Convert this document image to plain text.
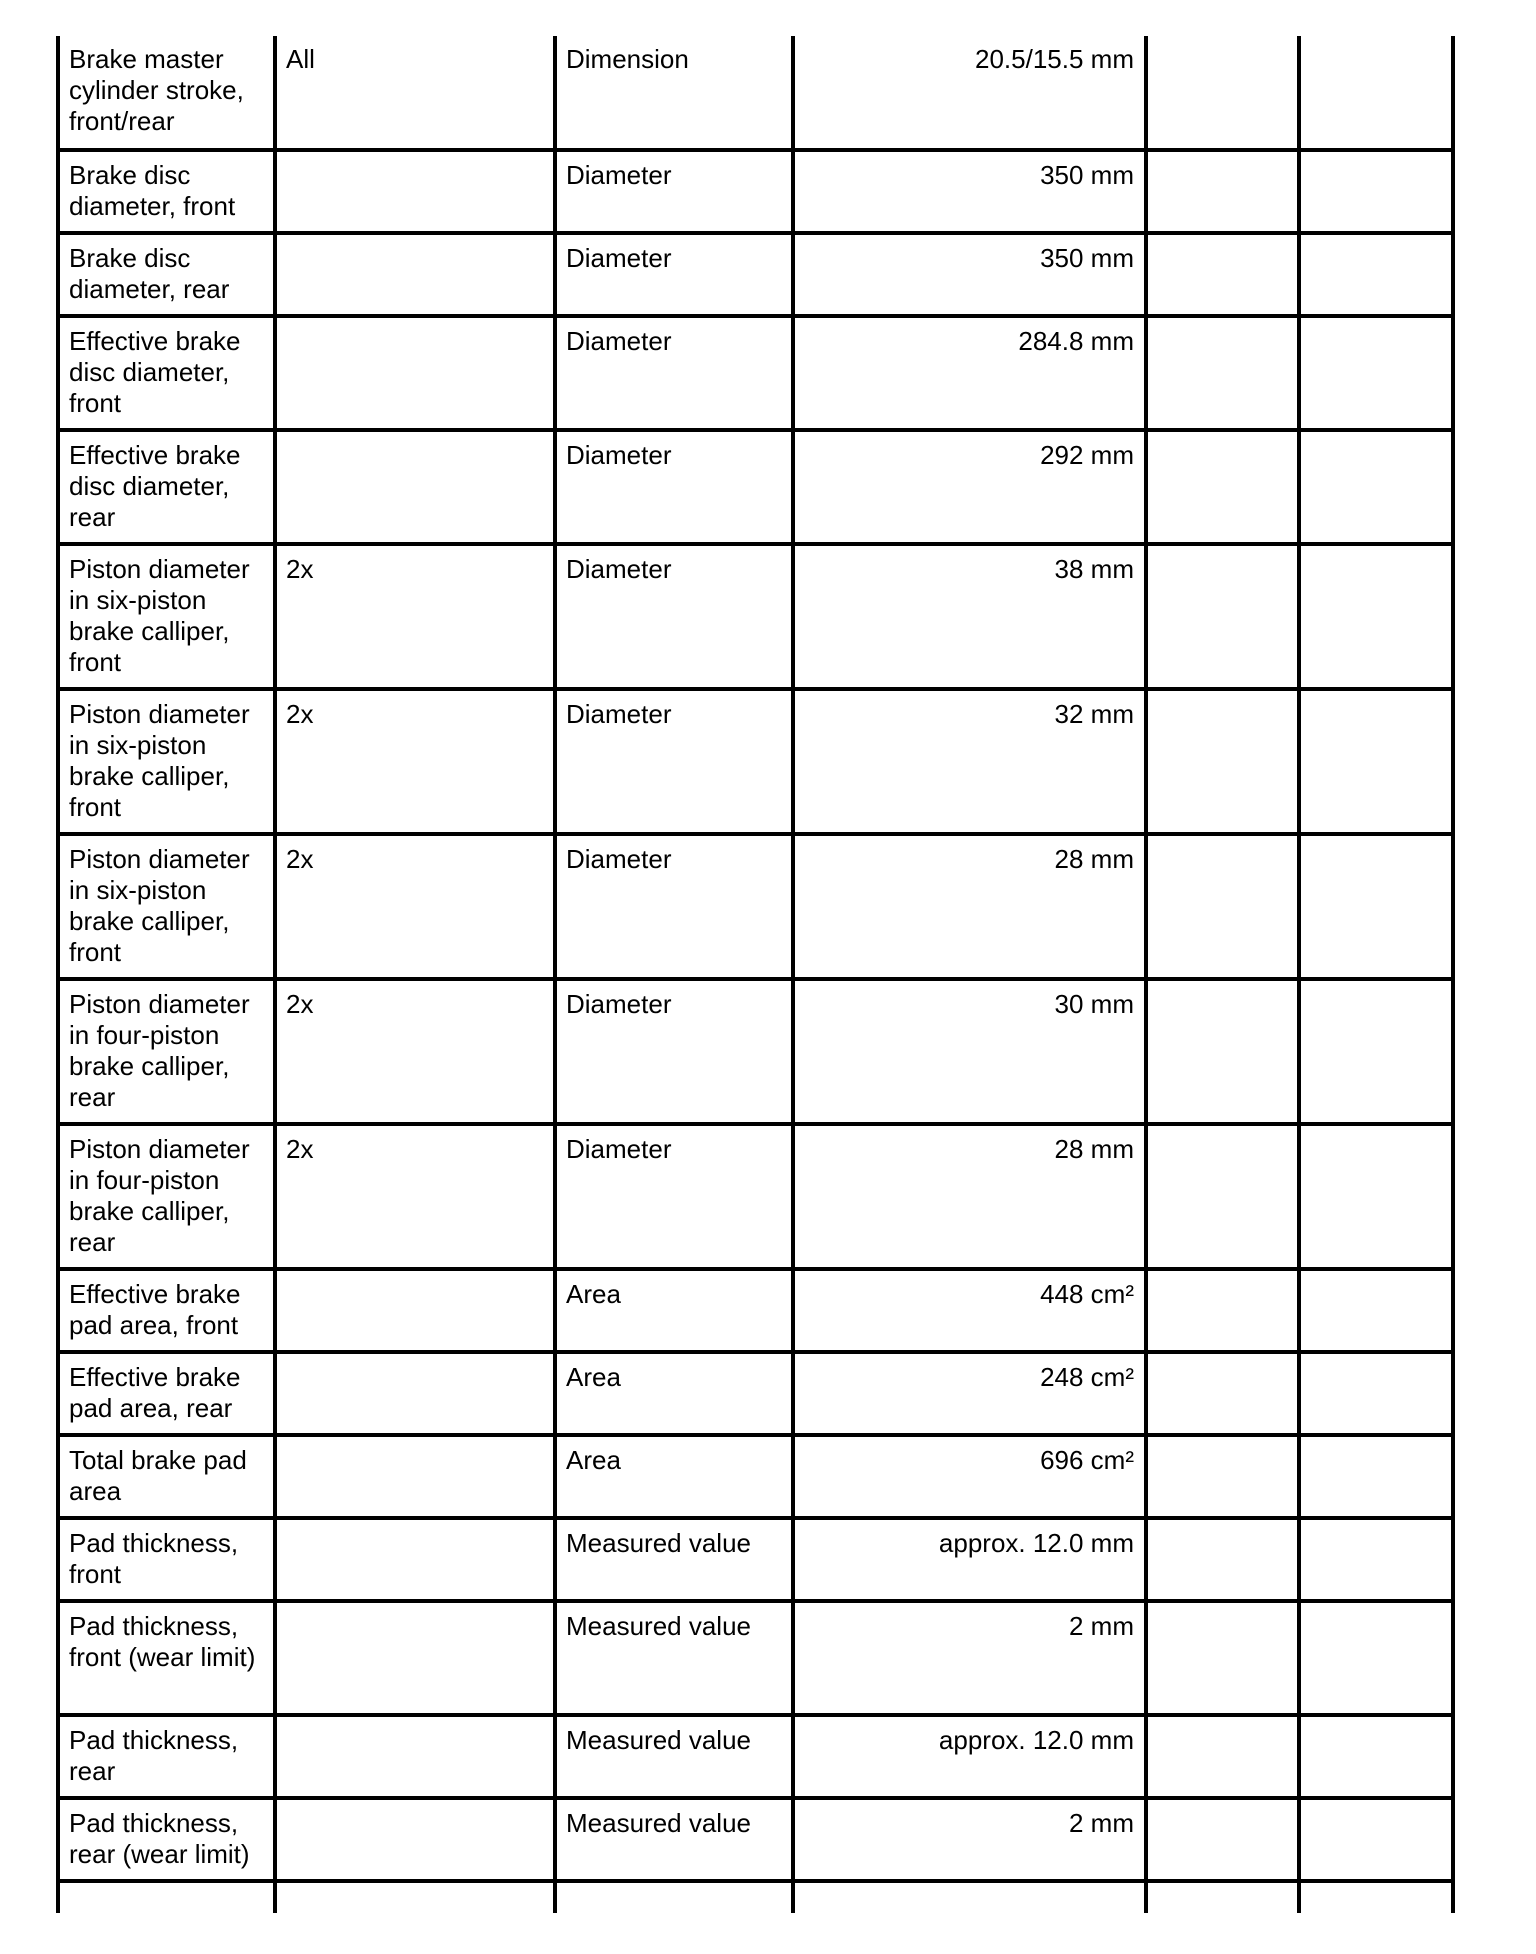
Brake master cylinder stroke, front/rear	All	Dimension	20.5/15.5 mm		
Brake disc diameter, front		Diameter	350 mm		
Brake disc diameter, rear		Diameter	350 mm		
Effective brake disc diameter, front		Diameter	284.8 mm		
Effective brake disc diameter, rear		Diameter	292 mm		
Piston diameter in six-piston brake calliper, front	2x	Diameter	38 mm		
Piston diameter in six-piston brake calliper, front	2x	Diameter	32 mm		
Piston diameter in six-piston brake calliper, front	2x	Diameter	28 mm		
Piston diameter in four-piston brake calliper, rear	2x	Diameter	30 mm		
Piston diameter in four-piston brake calliper, rear	2x	Diameter	28 mm		
Effective brake pad area, front		Area	448 cm²		
Effective brake pad area, rear		Area	248 cm²		
Total brake pad area		Area	696 cm²		
Pad thickness, front		Measured value	approx. 12.0 mm		
Pad thickness, front (wear limit)		Measured value	2 mm		
Pad thickness, rear		Measured value	approx. 12.0 mm		
Pad thickness, rear (wear limit)		Measured value	2 mm		
